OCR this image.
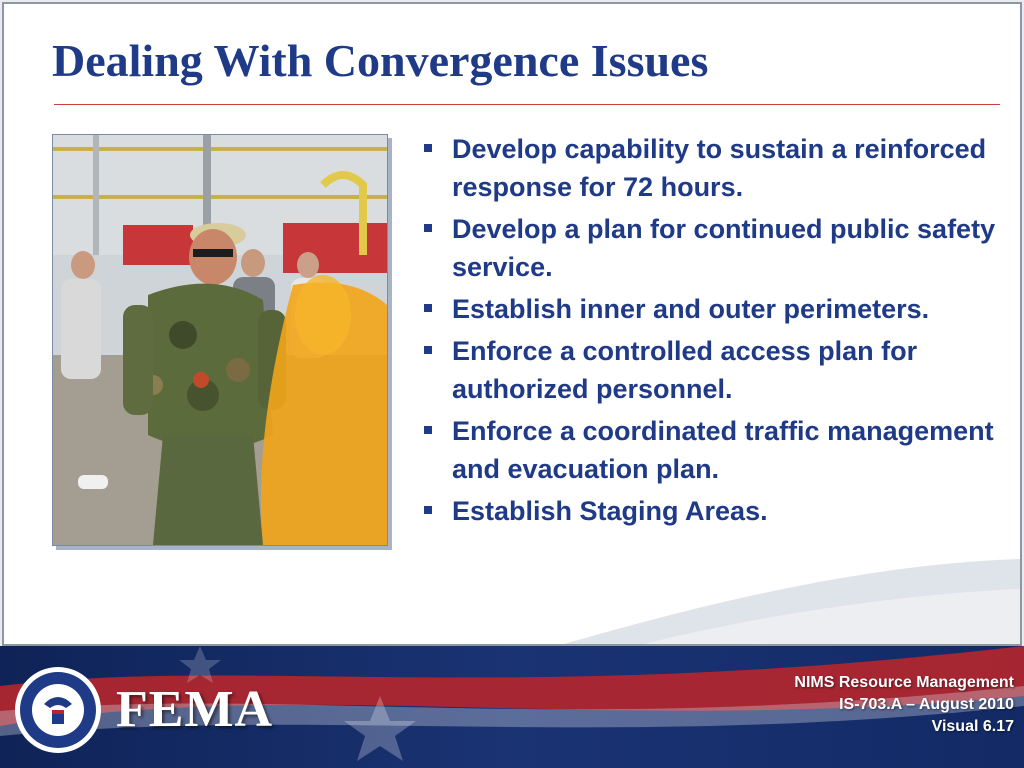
Dealing With Convergence Issues
Develop capability to sustain a reinforced response for 72 hours.
Develop a plan for continued public safety service.
Establish inner and outer perimeters.
Enforce a controlled access plan for authorized personnel.
Enforce a coordinated traffic management and evacuation plan.
Establish Staging Areas.
FEMA	NIMS Resource Management
IS-703.A – August 2010
Visual 6.17
